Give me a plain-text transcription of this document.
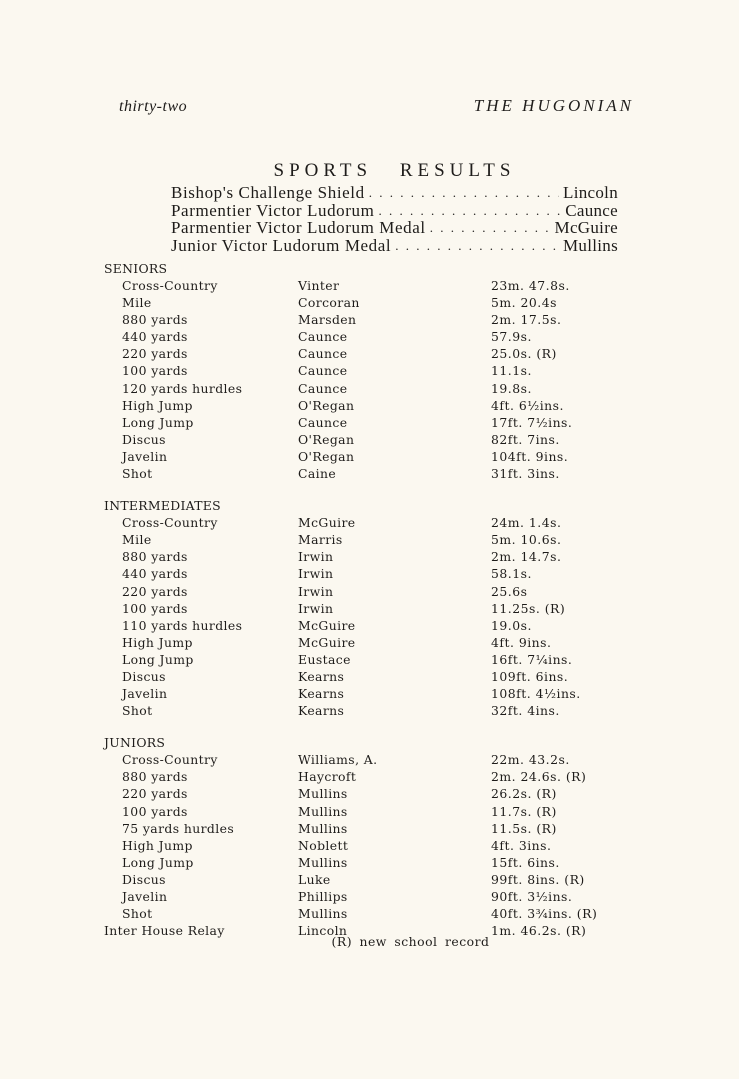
thirty-two	THE HUGONIAN
SPORTS RESULTS
Bishop's Challenge Shield . . .	Lincoln
Parmentier Victor Ludorum . . .	Caunce
Parmentier Victor Ludorum Medal . . .	McGuire
Junior Victor Ludorum Medal . . .	Mullins
SENIORS
Cross-Country	Vinter	23m. 47.8s.
Mile	Corcoran	5m. 20.4s
880 yards	Marsden	2m. 17.5s.
440 yards	Caunce	57.9s.
220 yards	Caunce	25.0s. (R)
100 yards	Caunce	11.1s.
120 yards hurdles	Caunce	19.8s.
High Jump	O'Regan	4ft. 6½ins.
Long Jump	Caunce	17ft. 7½ins.
Discus	O'Regan	82ft. 7ins.
Javelin	O'Regan	104ft. 9ins.
Shot	Caine	31ft. 3ins.
INTERMEDIATES
Cross-Country	McGuire	24m. 1.4s.
Mile	Marris	5m. 10.6s.
880 yards	Irwin	2m. 14.7s.
440 yards	Irwin	58.1s.
220 yards	Irwin	25.6s
100 yards	Irwin	11.25s. (R)
110 yards hurdles	McGuire	19.0s.
High Jump	McGuire	4ft. 9ins.
Long Jump	Eustace	16ft. 7¼ins.
Discus	Kearns	109ft. 6ins.
Javelin	Kearns	108ft. 4½ins.
Shot	Kearns	32ft. 4ins.
JUNIORS
Cross-Country	Williams, A.	22m. 43.2s.
880 yards	Haycroft	2m. 24.6s. (R)
220 yards	Mullins	26.2s. (R)
100 yards	Mullins	11.7s. (R)
75 yards hurdles	Mullins	11.5s. (R)
High Jump	Noblett	4ft. 3ins.
Long Jump	Mullins	15ft. 6ins.
Discus	Luke	99ft. 8ins. (R)
Javelin	Phillips	90ft. 3½ins.
Shot	Mullins	40ft. 3¾ins. (R)
Inter House Relay	Lincoln	1m. 46.2s. (R)
(R) new school record
